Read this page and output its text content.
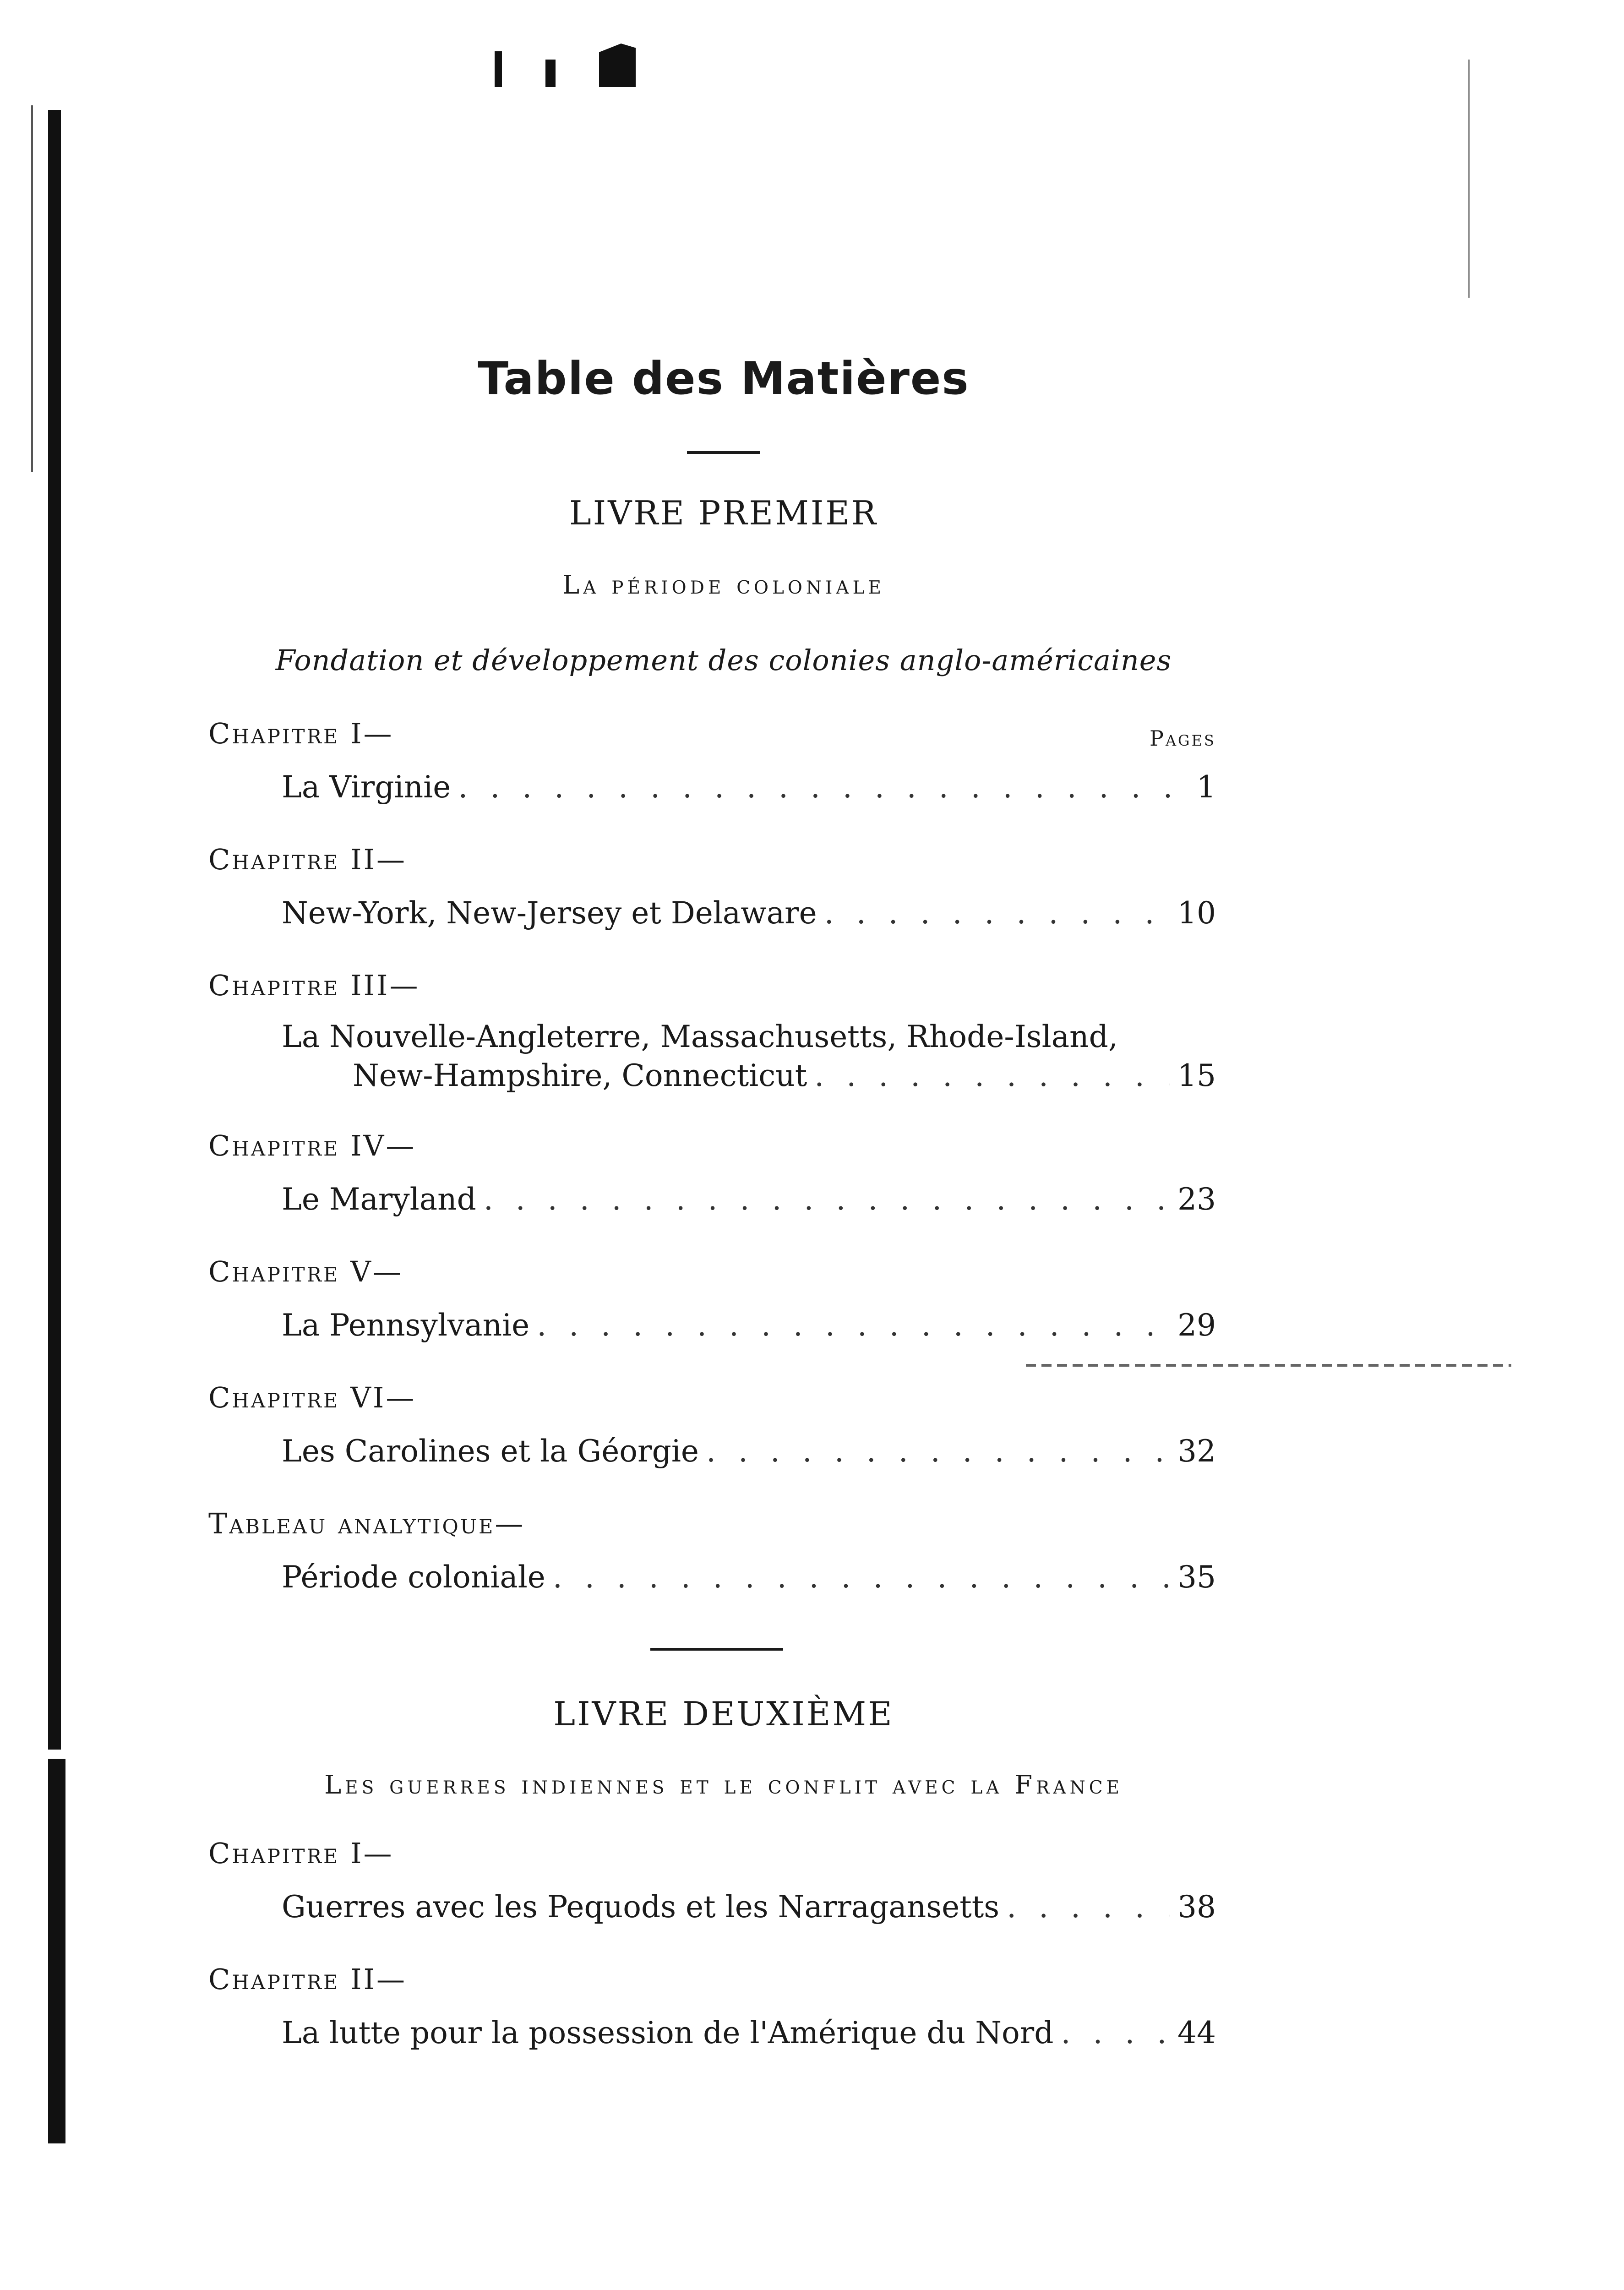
Table des Matières
LIVRE PREMIER
La période coloniale
Fondation et développement des colonies anglo-américaines
Pages
Chapitre I—
La Virginie . . .	1
Chapitre II—
New-York, New-Jersey et Delaware . . .	10
Chapitre III—
La Nouvelle-Angleterre, Massachusetts, Rhode-Island,
New-Hampshire, Connecticut . . .	15
Chapitre IV—
Le Maryland . . .	23
Chapitre V—
La Pennsylvanie . . .	29
Chapitre VI—
Les Carolines et la Géorgie . . .	32
Tableau analytique—
Période coloniale . . .	35
LIVRE DEUXIÈME
Les guerres indiennes et le conflit avec la France
Chapitre I—
Guerres avec les Pequods et les Narragansetts . . .	38
Chapitre II—
La lutte pour la possession de l'Amérique du Nord . . .	44
